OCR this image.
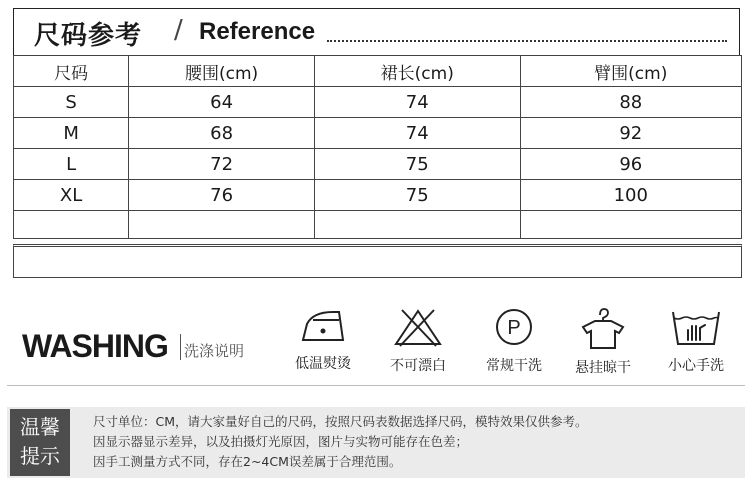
尺码参考 / Reference
尺码	腰围(cm)	裙长(cm)	臂围(cm)
S	64	74	88
M	68	74	92
L	72	75	96
XL	76	75	100

WASHING 洗涤说明
低温熨烫	不可漂白
P
常规干洗	悬挂晾干	小心手洗
温馨
提示
尺寸单位：CM，请大家量好自己的尺码，按照尺码表数据选择尺码，模特效果仅供参考。
因显示器显示差异，以及拍摄灯光原因，图片与实物可能存在色差；
因手工测量方式不同，存在2~4CM误差属于合理范围。
